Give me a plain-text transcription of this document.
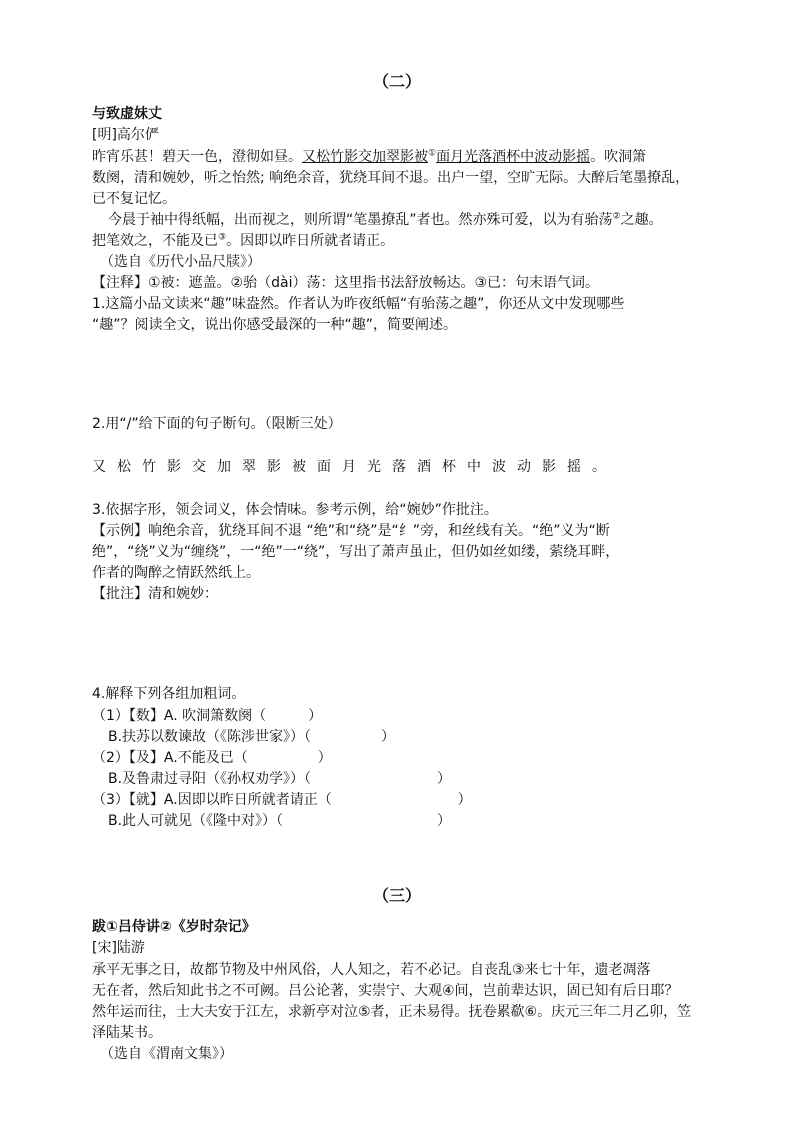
（二）
与致虚妹丈
[明]高尔俨
昨宵乐甚！碧天一色，澄彻如昼。又松竹影交加翠影被①面月光落酒杯中波动影摇。吹洞箫
数阕，清和婉妙，听之怡然; 响绝余音，犹绕耳间不退。出户一望，空旷无际。大醉后笔墨撩乱，
已不复记忆。
今晨于袖中得纸幅，出而视之，则所谓“笔墨撩乱”者也。然亦殊可爱，以为有骀荡②之趣。
把笔效之，不能及已③。因即以昨日所就者请正。
（选自《历代小品尺牍》）
【注释】①被：遮盖。②骀（dài）荡：这里指书法舒放畅达。③已：句末语气词。
1.这篇小品文读来“趣”味盎然。作者认为昨夜纸幅“有骀荡之趣”，你还从文中发现哪些
“趣”？阅读全文，说出你感受最深的一种“趣”，简要阐述。
2.用“/”给下面的句子断句。（限断三处）
又松竹影交加翠影被面月光落酒杯中波动影摇。
3.依据字形，领会词义，体会情味。参考示例，给“婉妙”作批注。
【示例】响绝余音，犹绕耳间不退 “绝”和“绕”是“纟”旁，和丝线有关。“绝”义为“断
绝”，“绕”义为“缠绕”，一“绝”一“绕”，写出了萧声虽止，但仍如丝如缕，萦绕耳畔，
作者的陶醉之情跃然纸上。
【批注】清和婉妙：
4.解释下列各组加粗词。
（1）【数】A. 吹洞箫数阕（　　　）
B.扶苏以数谏故（《陈涉世家》）（　　　　　）
（2）【及】A.不能及已（　　　　　）
B.及鲁肃过寻阳（《孙权劝学》）（　　　　　　　　　）
（3）【就】A.因即以昨日所就者请正（　　　　　　　　　）
B.此人可就见（《隆中对》）（　　　　　　　　　　　）
（三）
跋①吕侍讲②《岁时杂记》
[宋]陆游
承平无事之日，故都节物及中州风俗，人人知之，若不必记。自丧乱③来七十年，遗老凋落
无在者，然后知此书之不可阙。吕公论著，实崇宁、大观④间，岂前辈达识，固已知有后日耶？
然年运而往，士大夫安于江左，求新亭对泣⑤者，正未易得。抚卷累欷⑥。庆元三年二月乙卯，笠
泽陆某书。
（选自《渭南文集》）
